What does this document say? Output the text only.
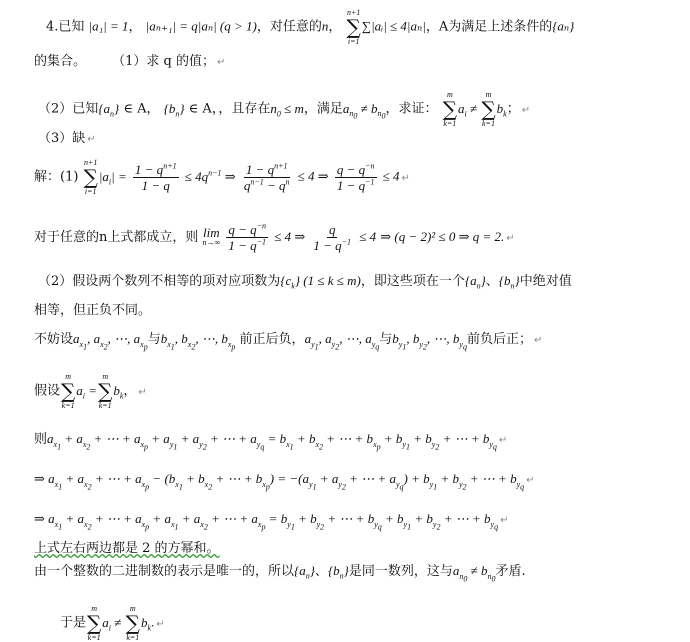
4.已知 |a₁| = 1， |aₙ₊₁| = q|aₙ| (q > 1)，对任意的n，
n+1
∑
i=1
∑|aᵢ| ≤ 4|aₙ|，A为满足上述条件的{aₙ}
的集合。 （1）求 q 的值； ↵
（2）已知$\{a_n\}$ ∈ A， $\{b_n\}$ ∈ A，，且存在$n_0 \le m$，满足$a_{n_0} \ne b_{n_0}$，求证：
m
∑
k=1
$a_i$ ≠
m
∑
k=1
$b_k$； ↵
（3）缺 ↵
解：(1)
n+1
∑
i=1
$|a_i| = \frac{1 - q^{n+1}}{1 - q} \le 4q^{n-1}$ ⇒ $\frac{1 - q^{n+1}}{q^{n-1} - q^n} \le 4$ ⇒ $\frac{q - q^{-n}}{1 - q^{-1}} \le 4$ ↵
对于任意的n上式都成立，则 lim
n→∞
$\frac{q - q^{-n}}{1 - q^{-1}} \le 4$ ⇒ $\frac{q}{1 - q^{-1}} \le 4$ ⇒ (q − 2)² ≤ 0 ⇒ q = 2. ↵
（2）假设两个数列不相等的项对应项数为$\{c_k\} (1 \le k \le m)$，即这些项在一个$\{a_n\}$、$\{b_n\}$中绝对值
相等，但正负不同。
不妨设$a_{x_1}$, $a_{x_2}$, ⋯, $a_{x_p}$与$b_{x_1}$, $b_{x_2}$, ⋯, $b_{x_p}$ 前正后负，$a_{y_1}$, $a_{y_2}$, ⋯, $a_{y_q}$与$b_{y_1}$, $b_{y_2}$, ⋯, $b_{y_q}$前负后正； ↵
假设
m
∑
k=1
$a_i$ =
m
∑
k=1
$b_k$， ↵
则$a_{x_1} + a_{x_2}$ + ⋯ + $a_{x_p} + a_{y_1} + a_{y_2}$ + ⋯ + $a_{y_q} = b_{x_1} + b_{x_2}$ + ⋯ + $b_{x_p} + b_{y_1} + b_{y_2}$ + ⋯ + $b_{y_q}↵$
⇒ $a_{x_1} + a_{x_2}$ + ⋯ + $a_{x_p} - (b_{x_1} + b_{x_2}$ + ⋯ + $b_{x_p}) = -(a_{y_1} + a_{y_2}$ + ⋯ + $a_{y_q}) + b_{y_1} + b_{y_2}$ + ⋯ + $b_{y_q}↵$
⇒ $a_{x_1} + a_{x_2}$ + ⋯ + $a_{x_p} + a_{x_1} + a_{x_2}$ + ⋯ + $a_{x_p} = b_{y_1} + b_{y_2}$ + ⋯ + $b_{y_q} + b_{y_1} + b_{y_2}$ + ⋯ + $b_{y_q}↵$
上式左右两边都是 2 的方幂和。
由一个整数的二进制数的表示是唯一的，所以$\{a_n\}$、$\{b_n\}$是同一数列，这与$a_{n_0} \ne b_{n_0}$矛盾.
于是
m
∑
k=1
$a_i$ ≠
m
∑
k=1
$b_k$. ↵
